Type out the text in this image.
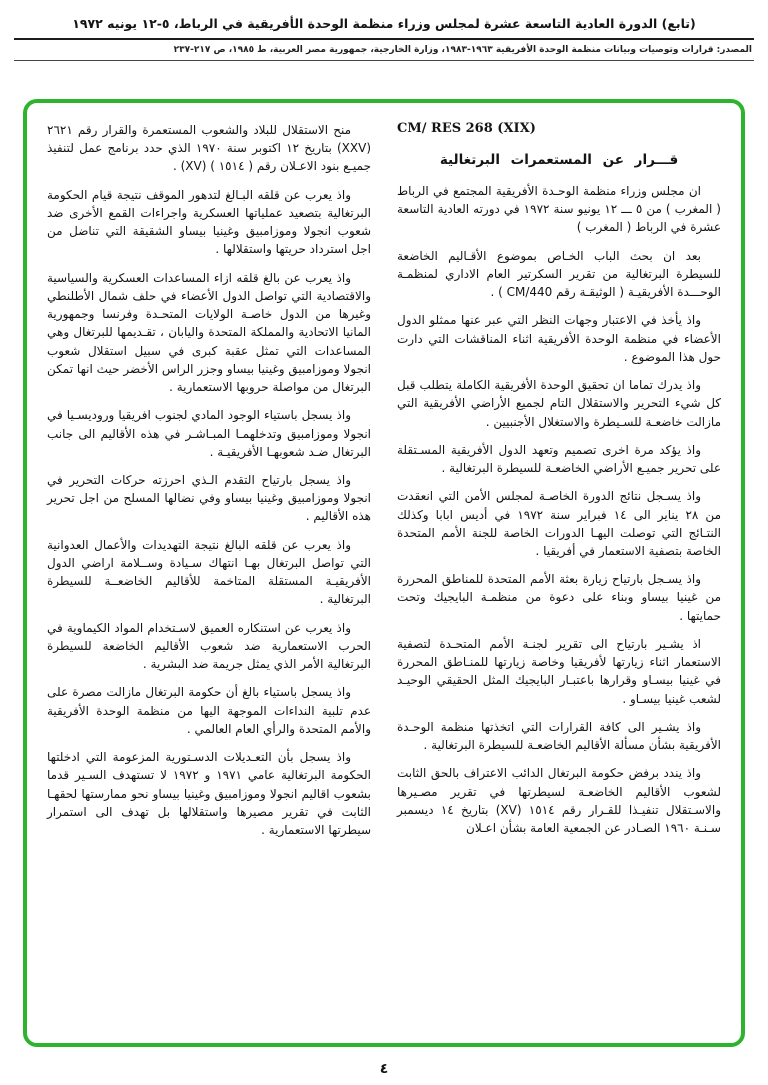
(تابع) الدورة العادية التاسعة عشرة لمجلس وزراء منظمة الوحدة الأفريقية في الرباط، ٥-١٢ يونيه ١٩٧٢
المصدر: قرارات وتوصيات وبيانات منظمة الوحدة الأفريقية ١٩٦٣-١٩٨٣، وزارة الخارجية، جمهورية مصر العربية، ط ١٩٨٥، ص ٢١٧-٢٣٧
CM/ RES 268 (XIX)
قـــرار عن المستعمرات البرتغالية

ان مجلس وزراء منظمة الوحـدة الأفريقية المجتمع في الرباط ( المغرب ) من ٥ ـــ ١٢ يونيو سنة ١٩٧٢ في دورته العادية التاسعة عشرة في الرباط ( المغرب )

بعد ان بحث الباب الخـاص بموضوع الأقـاليم الخاضعة للسيطرة البرتغالية من تقرير السكرتير العام الاداري لمنظمـة الوحـــدة الأفريقيـة ( الوثيقـة رقم CM/440 ) .

واذ يأخذ في الاعتبار وجهات النظر التي عبر عنها ممثلو الدول الأعضاء في منظمة الوحدة الأفريقية اثناء المناقشات التي دارت حول هذا الموضوع .

واذ يدرك تماما ان تحقيق الوحدة الأفريقية الكاملة يتطلب قبل كل شيء التحرير والاستقلال التام لجميع الأراضي الأفريقية التي مازالت خاضعـة للسـيطرة والاستغلال الأجنبيين .

واذ يؤكد مرة اخرى تصميم وتعهد الدول الأفريقية المسـتقلة على تحرير جميـع الأراضي الخاضعـة للسيطرة البرتغالية .

واذ يسـجل نتائج الدورة الخاصـة لمجلس الأمن التي انعقدت من ٢٨ يناير الى ١٤ فبراير سنة ١٩٧٢ في أديس ابابا وكذلك النتـائج التي توصلت اليهـا الدورات الخاصة للجنة الأمم المتحدة الخاصة بتصفية الاستعمار في أفريقيا .

واذ يسـجل بارتياح زيارة بعثة الأمم المتحدة للمناطق المحررة من غينيا بيساو وبناء على دعوة من منظمـة البايجيك وتحت حمايتها .

اذ يشـير بارتياح الى تقرير لجنـة الأمم المتحـدة لتصفية الاستعمار اثناء زيارتها لأفريقيا وخاصة زيارتها للمنـاطق المحررة في غينيا بيسـاو وقرارها باعتبـار البايجيك المثل الحقيقي الوحيـد لشعب غينيا بيسـاو .

واذ يشـير الى كافة القرارات التي اتخذتها منظمة الوحـدة الأفريقية بشأن مسألة الأقاليم الخاضعـة للسيطرة البرتغالية .

واذ يندد برفض حكومة البرتغال الدائب الاعتراف بالحق الثابت لشعوب الأقاليم الخاضعـة لسيطرتها في تقرير مصـيرها والاسـتقلال تنفيـذا للقـرار رقم ١٥١٤ (XV) بتاريخ ١٤ ديسمبر سـنـة ١٩٦٠ الصـادر عن الجمعية العامة بشأن اعـلان

منح الاستقلال للبلاد والشعوب المستعمرة والقرار رقم ٢٦٢١ (XXV) بتاريخ ١٢ اكتوبر سنة ١٩٧٠ الذي حدد برنامج عمل لتنفيذ جميـع بنود الاعـلان رقم ( ١٥١٤ ) (XV) .

واذ يعرب عن قلقه البـالغ لتدهور الموقف نتيجة قيام الحكومة البرتغالية بتصعيد عملياتها العسكرية واجراءات القمع الأخرى ضد شعوب انجولا وموزامبيق وغينيا بيساو الشقيقة التي تناضل من اجل استرداد حريتها واستقلالها .

واذ يعرب عن بالغ قلقه ازاء المساعدات العسكرية والسياسية والاقتصادية التي تواصل الدول الأعضاء في حلف شمال الأطلنطي وغيرها من الدول خاصـة الولايات المتحـدة وفرنسا وجمهورية المانيا الاتحادية والمملكة المتحدة واليابان ، تقـديمها للبرتغال وهي المساعدات التي تمثل عقبة كبرى في سبيل استقلال شعوب انجولا وموزامبيق وغينيا بيساو وجزر الراس الأخضر حيث انها تمكن البرتغال من مواصلة حروبها الاستعمارية .

واذ يسجل باستياء الوجود المادي لجنوب افريقيا وروديسـيا في انجولا وموزامبيق وتدخلهمـا المبـاشـر في هذه الأقاليم الى جانب البرتغال ضـد شعوبهـا الأفريقيـة .

واذ يسجل بارتياح التقدم الـذي احرزته حركات التحرير في انجولا وموزامبيق وغينيا بيساو وفي نضالها المسلح من اجل تحرير هذه الأقاليم .

واذ يعرب عن قلقه البالغ نتيجة التهديدات والأعمال العدوانية التي تواصل البرتغال بهـا انتهاك سـيادة وســلامة اراضي الدول الأفريقيـة المستقلة المتاخمة للأقاليم الخاضعــة للسيطرة البرتغالية .

واذ يعرب عن استنكاره العميق لاسـتخدام المواد الكيماوية في الحرب الاستعمارية ضد شعوب الأقاليم الخاضعة للسيطرة البرتغالية الأمر الذي يمثل جريمة ضد البشرية .

واذ يسجل باستياء بالغ أن حكومة البرتغال مازالت مصرة على عدم تلبية النداءات الموجهة اليها من منظمة الوحدة الأفريقية والأمم المتحدة والرأي العام العالمي .

واذ يسجل بأن التعـديلات الدسـتورية المزعومة التي ادخلتها الحكومة البرتغالية عامي ١٩٧١ و ١٩٧٢ لا تستهدف السـير قدما بشعوب اقاليم انجولا وموزامبيق وغينيا بيساو نحو ممارستها لحقهـا الثابت في تقرير مصيرها واستقلالها بل تهدف الى استمرار سيطرتها الاستعمارية .

٤
